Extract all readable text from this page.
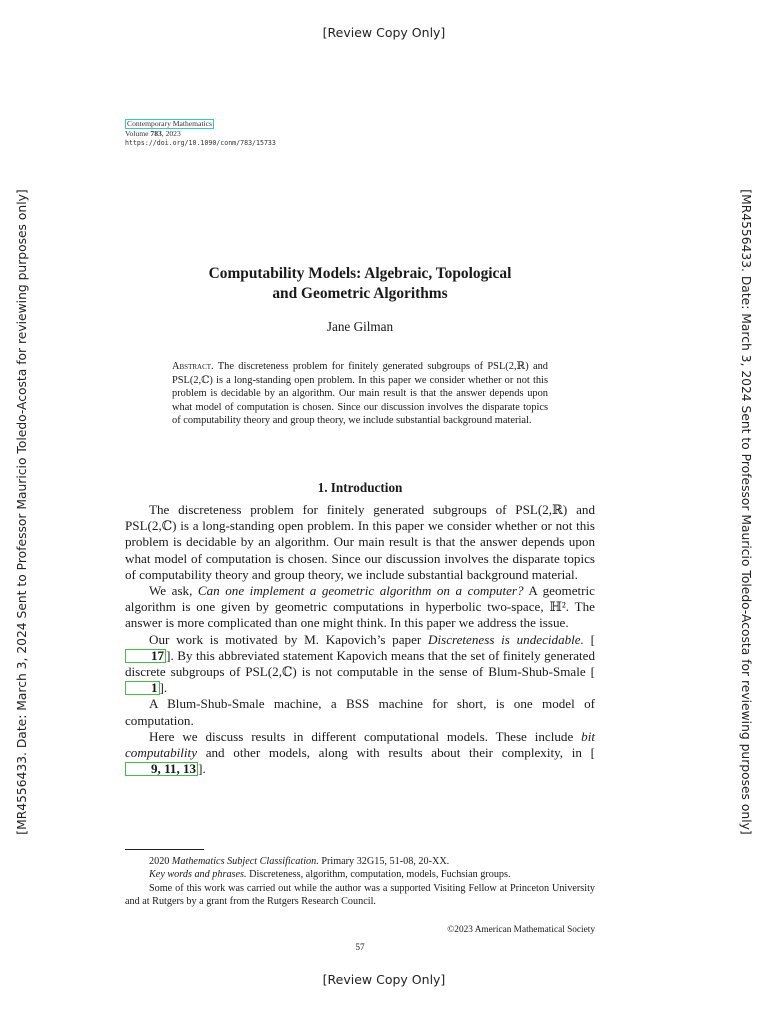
[Review Copy Only]
[MR4556433. Date: March 3, 2024 Sent to Professor Mauricio Toledo-Acosta for reviewing purposes only]	[MR4556433. Date: March 3, 2024 Sent to Professor Mauricio Toledo-Acosta for reviewing purposes only]
Contemporary Mathematics
Volume 783, 2023
https://doi.org/10.1090/conm/783/15733
Computability Models: Algebraic, Topological
and Geometric Algorithms
Jane Gilman
Abstract. The discreteness problem for finitely generated subgroups of PSL(2,ℝ) and PSL(2,ℂ) is a long-standing open problem. In this paper we consider whether or not this problem is decidable by an algorithm. Our main result is that the answer depends upon what model of computation is chosen. Since our discussion involves the disparate topics of computability theory and group theory, we include substantial background material.
1. Introduction

The discreteness problem for finitely generated subgroups of PSL(2,ℝ) and PSL(2,ℂ) is a long-standing open problem. In this paper we consider whether or not this problem is decidable by an algorithm. Our main result is that the answer depends upon what model of computation is chosen. Since our discussion involves the disparate topics of computability theory and group theory, we include substantial background material.

We ask, Can one implement a geometric algorithm on a computer? A geometric algorithm is one given by geometric computations in hyperbolic two-space, ℍ². The answer is more complicated than one might think. In this paper we address the issue.

Our work is motivated by M. Kapovich’s paper Discreteness is undecidable. [17 ]. By this abbreviated statement Kapovich means that the set of finitely generated discrete subgroups of PSL(2,ℂ) is not computable in the sense of Blum-Shub-Smale [1 ].

A Blum-Shub-Smale machine, a BSS machine for short, is one model of computation.

Here we discuss results in different computational models. These include bit computability and other models, along with results about their complexity, in [9, 11, 13 ].

2020 Mathematics Subject Classification. Primary 32G15, 51-08, 20-XX.

Key words and phrases. Discreteness, algorithm, computation, models, Fuchsian groups.

Some of this work was carried out while the author was a supported Visiting Fellow at Princeton University and at Rutgers by a grant from the Rutgers Research Council.

©2023 American Mathematical Society
57
[Review Copy Only]
